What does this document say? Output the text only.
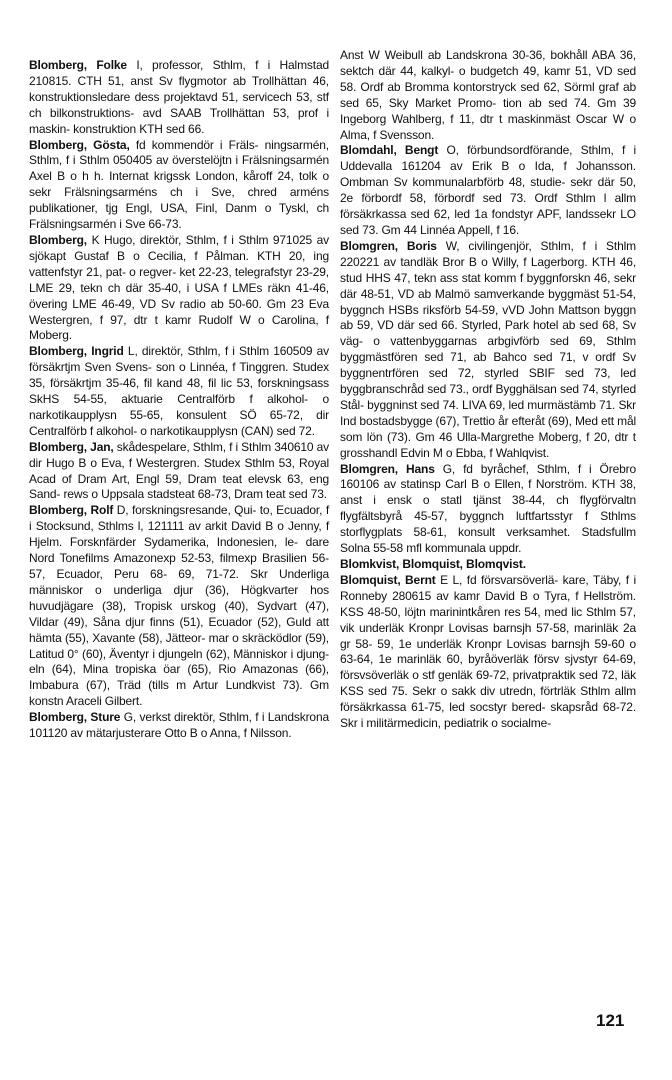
Blomberg, Folke I, professor, Sthlm, f i Halmstad 210815. CTH 51, anst Sv flygmotor ab Trollhättan 46, konstruktionsledare dess projektavd 51, servicech 53, stf ch bilkonstruktions- avd SAAB Trollhättan 53, prof i maskin- konstruktion KTH sed 66.

Blomberg, Gösta, fd kommendör i Fräls- ningsarmén, Sthlm, f i Sthlm 050405 av överstelöjtn i Frälsningsarmén Axel B o h h. Internat krigssk London, kåroff 24, tolk o sekr Frälsningsarméns ch i Sve, chred arméns publikationer, tjg Engl, USA, Finl, Danm o Tyskl, ch Frälsningsarmén i Sve 66-73.

Blomberg, K Hugo, direktör, Sthlm, f i Sthlm 971025 av sjökapt Gustaf B o Cecilia, f Pålman. KTH 20, ing vattenfstyr 21, pat- o regver- ket 22-23, telegrafstyr 23-29, LME 29, tekn ch där 35-40, i USA f LMEs räkn 41-46, övering LME 46-49, VD Sv radio ab 50-60. Gm 23 Eva Westergren, f 97, dtr t kamr Rudolf W o Carolina, f Moberg.

Blomberg, Ingrid L, direktör, Sthlm, f i Sthlm 160509 av försäkrtjm Sven Svens- son o Linnéa, f Tinggren. Studex 35, försäkrtjm 35-46, fil kand 48, fil lic 53, forskningsass SkHS 54-55, aktuarie Centralförb f alkohol- o narkotikaupplysn 55-65, konsulent SÖ 65-72, dir Centralförb f alkohol- o narkotikaupplysn (CAN) sed 72.

Blomberg, Jan, skådespelare, Sthlm, f i Sthlm 340610 av dir Hugo B o Eva, f Westergren. Studex Sthlm 53, Royal Acad of Dram Art, Engl 59, Dram teat elevsk 63, eng Sand- rews o Uppsala stadsteat 68-73, Dram teat sed 73.

Blomberg, Rolf D, forskningsresande, Qui- to, Ecuador, f i Stocksund, Sthlms l, 121111 av arkit David B o Jenny, f Hjelm. Forsknfärder Sydamerika, Indonesien, le- dare Nord Tonefilms Amazonexp 52-53, filmexp Brasilien 56-57, Ecuador, Peru 68- 69, 71-72. Skr Underliga människor o underliga djur (36), Högkvarter hos huvudjägare (38), Tropisk urskog (40), Sydvart (47), Vildar (49), Såna djur finns (51), Ecuador (52), Guld att hämta (55), Xavante (58), Jätteor- mar o skräcködlor (59), Latitud 0° (60), Äventyr i djungeln (62), Människor i djung- eln (64), Mina tropiska öar (65), Rio Amazonas (66), Imbabura (67), Träd (tills m Artur Lundkvist 73). Gm konstn Araceli Gilbert.

Blomberg, Sture G, verkst direktör, Sthlm, f i Landskrona 101120 av mätarjusterare Otto B o Anna, f Nilsson.

Anst W Weibull ab Landskrona 30-36, bokhåll ABA 36, sektch där 44, kalkyl- o budgetch 49, kamr 51, VD sed 58. Ordf ab Bromma kontorstryck sed 62, Sörml graf ab sed 65, Sky Market Promo- tion ab sed 74. Gm 39 Ingeborg Wahlberg, f 11, dtr t maskinmäst Oscar W o Alma, f Svensson.

Blomdahl, Bengt O, förbundsordförande, Sthlm, f i Uddevalla 161204 av Erik B o Ida, f Johansson. Ombman Sv kommunalarbförb 48, studie- sekr där 50, 2e förbordf 58, förbordf sed 73. Ordf Sthlm l allm försäkrkassa sed 62, led 1a fondstyr APF, landssekr LO sed 73. Gm 44 Linnéa Appell, f 16.

Blomgren, Boris W, civilingenjör, Sthlm, f i Sthlm 220221 av tandläk Bror B o Willy, f Lagerborg. KTH 46, stud HHS 47, tekn ass stat komm f byggnforskn 46, sekr där 48-51, VD ab Malmö samverkande byggmäst 51-54, byggnch HSBs riksförb 54-59, vVD John Mattson byggn ab 59, VD där sed 66. Styrled, Park hotel ab sed 68, Sv väg- o vattenbyggarnas arbgivförb sed 69, Sthlm byggmästfören sed 71, ab Bahco sed 71, v ordf Sv byggnentrfören sed 72, styrled SBIF sed 73, led byggbranschråd sed 73., ordf Bygghälsan sed 74, styrled Stål- byggninst sed 74. LIVA 69, led murmästämb 71. Skr Ind bostadsbygge (67), Trettio år efteråt (69), Med ett mål som lön (73). Gm 46 Ulla-Margrethe Moberg, f 20, dtr t grosshandl Edvin M o Ebba, f Wahlqvist.

Blomgren, Hans G, fd byråchef, Sthlm, f i Örebro 160106 av statinsp Carl B o Ellen, f Norström. KTH 38, anst i ensk o statl tjänst 38-44, ch flygförvaltn flygfältsbyrå 45-57, byggnch luftfartsstyr f Sthlms storflygplats 58-61, konsult verksamhet. Stadsfullm Solna 55-58 mfl kommunala uppdr.

Blomkvist, Blomquist, Blomqvist.

Blomquist, Bernt E L, fd försvarsöverlä- kare, Täby, f i Ronneby 280615 av kamr David B o Tyra, f Hellström. KSS 48-50, löjtn marinintkåren res 54, med lic Sthlm 57, vik underläk Kronpr Lovisas barnsjh 57-58, marinläk 2a gr 58- 59, 1e underläk Kronpr Lovisas barnsjh 59-60 o 63-64, 1e marinläk 60, byråöverläk försv sjvstyr 64-69, försvsöverläk o stf genläk 69-72, privatpraktik sed 72, läk KSS sed 75. Sekr o sakk div utredn, förtrläk Sthlm allm försäkrkassa 61-75, led socstyr bered- skapsråd 68-72. Skr i militärmedicin, pediatrik o socialme-

121
